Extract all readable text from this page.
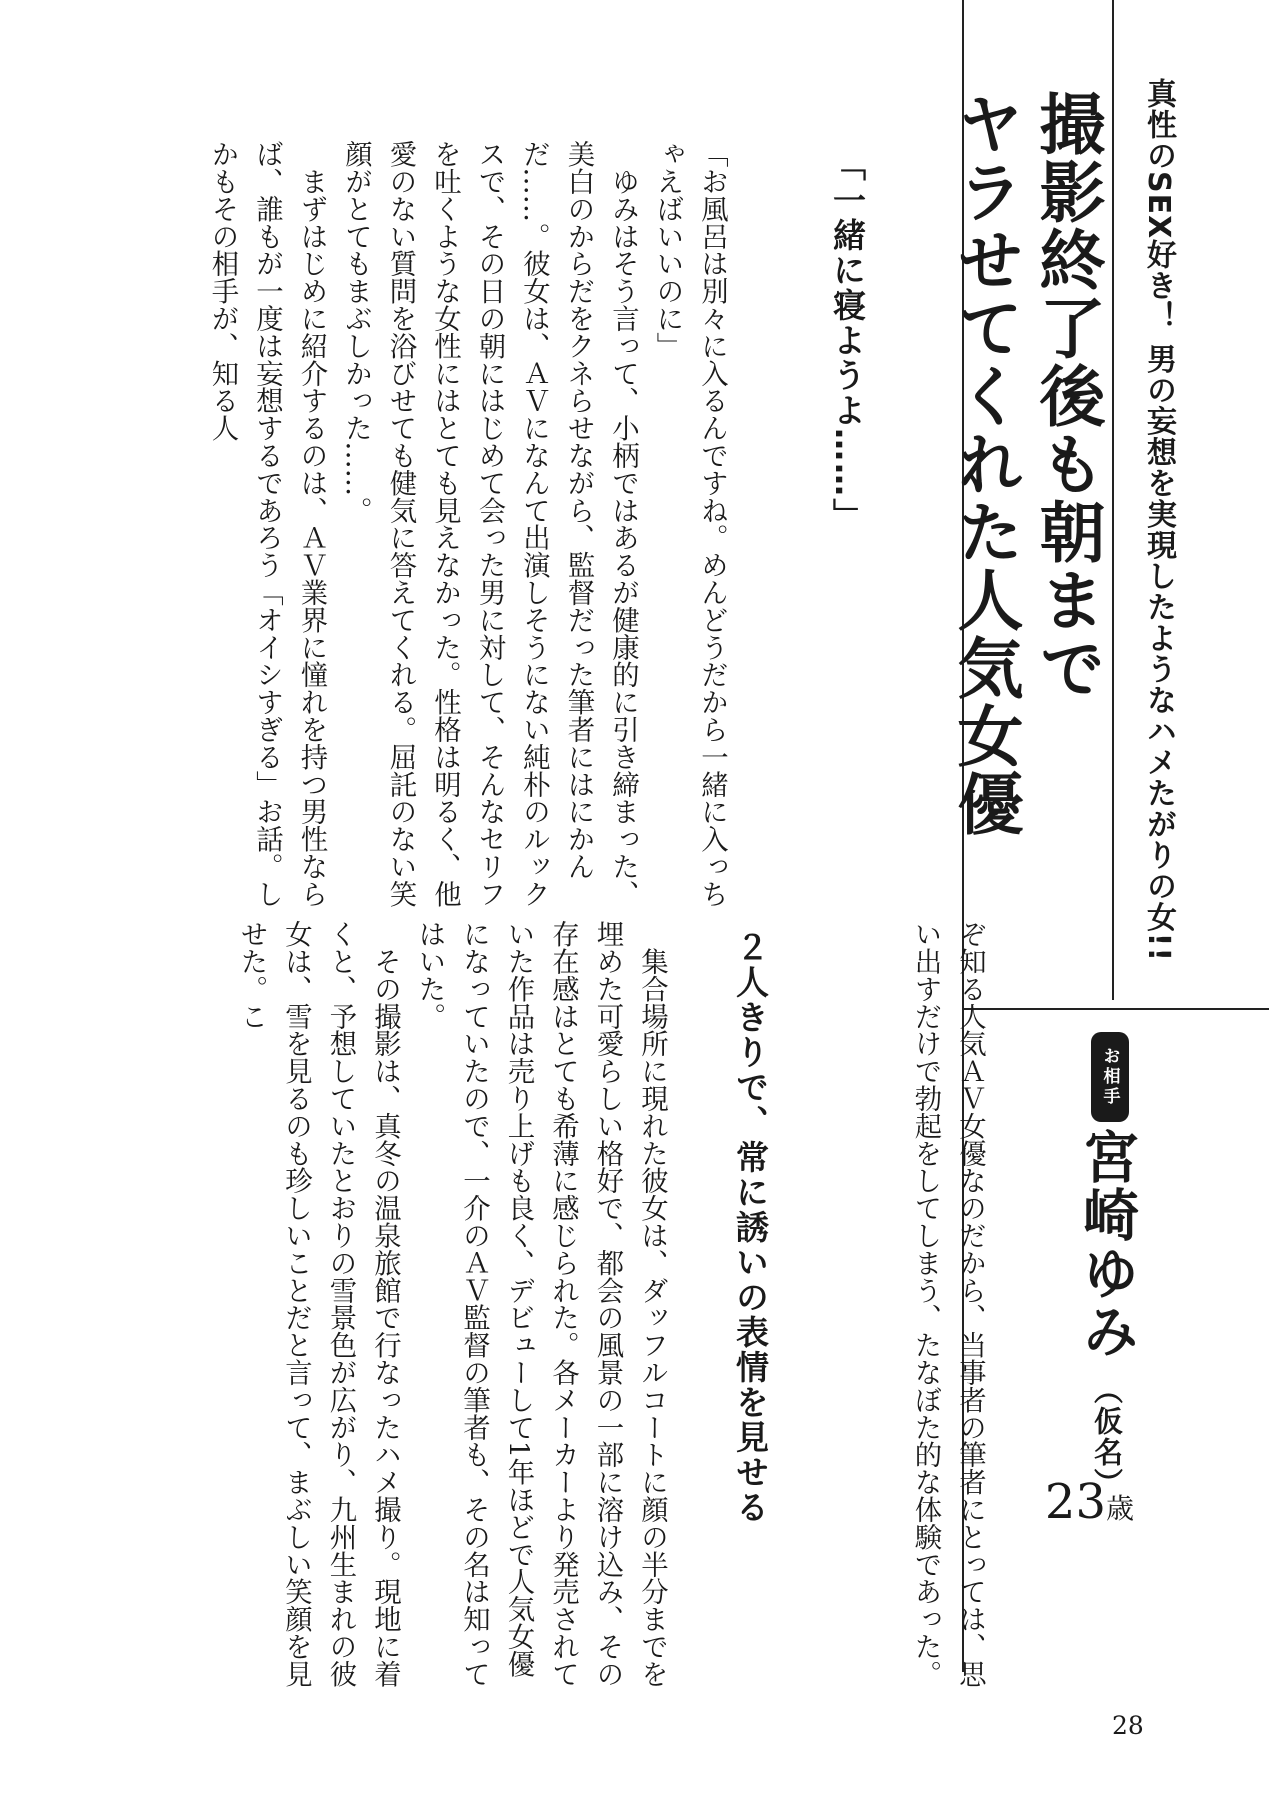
真性のSEX好き！ 男の妄想を実現したようなハメたがりの女!!
撮影終了後も朝まで
ヤラせてくれた人気女優
お相手
宮崎ゆみ
（仮名）
23歳
「一緒に寝ようよ……」
「お風呂は別々に入るんですね。めんどうだから一緒に入っちゃえばいいのに」
　ゆみはそう言って、小柄ではあるが健康的に引き締まった、美白のからだをクネらせながら、監督だった筆者にはにかんだ……。彼女は、ＡＶになんて出演しそうにない純朴のルックスで、その日の朝にはじめて会った男に対して、そんなセリフを吐くような女性にはとても見えなかった。性格は明るく、他愛のない質問を浴びせても健気に答えてくれる。屈託のない笑顔がとてもまぶしかった……。
　まずはじめに紹介するのは、ＡＶ業界に憧れを持つ男性ならば、誰もが一度は妄想するであろう「オイシすぎる」お話。しかもその相手が、知る人
ぞ知る人気ＡＶ女優なのだから、当事者の筆者にとっては、思い出すだけで勃起をしてしまう、たなぼた的な体験であった。
２人きりで、常に誘いの表情を見せる
　集合場所に現れた彼女は、ダッフルコートに顔の半分までを埋めた可愛らしい格好で、都会の風景の一部に溶け込み、その存在感はとても希薄に感じられた。各メーカーより発売されていた作品は売り上げも良く、デビューして1年ほどで人気女優になっていたので、一介のＡＶ監督の筆者も、その名は知ってはいた。
　その撮影は、真冬の温泉旅館で行なったハメ撮り。現地に着くと、予想していたとおりの雪景色が広がり、九州生まれの彼女は、雪を見るのも珍しいことだと言って、まぶしい笑顔を見せた。こ
28
